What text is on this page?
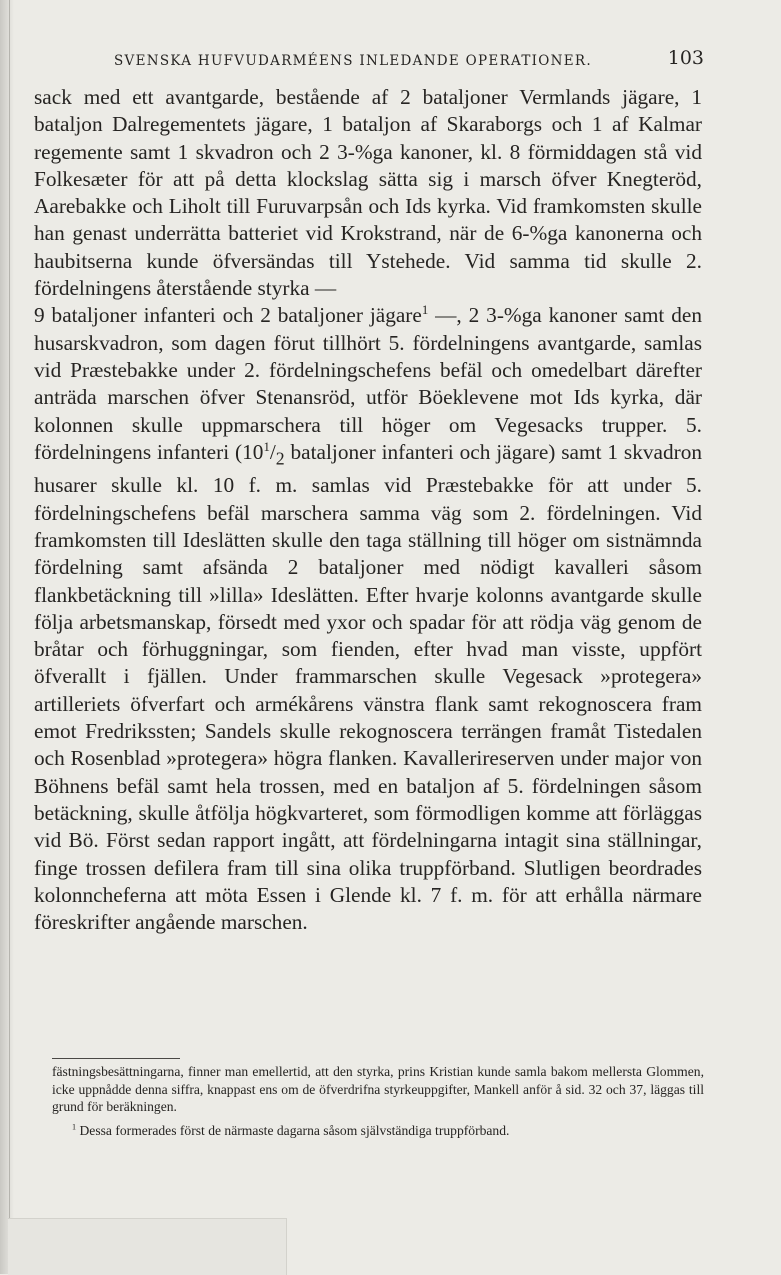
SVENSKA HUFVUDARMÉENS INLEDANDE OPERATIONER.	103

sack med ett avantgarde, bestående af 2 bataljoner Vermlands jägare, 1 bataljon Dalregementets jägare, 1 bataljon af Skaraborgs och 1 af Kalmar regemente samt 1 skvadron och 2 3-%ga kanoner, kl. 8 förmiddagen stå vid Folkesæter för att på detta klockslag sätta sig i marsch öfver Knegteröd, Aarebakke och Liholt till Furuvarpsån och Ids kyrka. Vid framkomsten skulle han genast underrätta batteriet vid Krokstrand, när de 6-%ga kanonerna och haubitserna kunde öfversändas till Ystehede. Vid samma tid skulle 2. fördelningens återstående styrka —

9 bataljoner infanteri och 2 bataljoner jägare$^1$ —, 2 3-%ga kanoner samt den husarskvadron, som dagen förut tillhört 5. fördelningens avantgarde, samlas vid Præstebakke under 2. fördelningschefens befäl och omedelbart därefter anträda marschen öfver Stenansröd, utför Böeklevene mot Ids kyrka, där kolonnen skulle uppmarschera till höger om Vegesacks trupper. 5. fördelningens infanteri ($10^1/_2$ bataljoner infanteri och jägare) samt 1 skvadron husarer skulle kl. 10 f. m. samlas vid Præstebakke för att under 5. fördelningschefens befäl marschera samma väg som 2. fördelningen. Vid framkomsten till Ideslätten skulle den taga ställning till höger om sistnämnda fördelning samt afsända 2 bataljoner med nödigt kavalleri såsom flankbetäckning till »lilla» Ideslätten. Efter hvarje kolonns avantgarde skulle följa arbetsmanskap, försedt med yxor och spadar för att rödja väg genom de bråtar och förhuggningar, som fienden, efter hvad man visste, uppfört öfverallt i fjällen. Under frammarschen skulle Vegesack »protegera» artilleriets öfverfart och armékårens vänstra flank samt rekognoscera fram emot Fredrikssten; Sandels skulle rekognoscera terrängen framåt Tistedalen och Rosenblad »protegera» högra flanken. Kavallerireserven under major von Böhnens befäl samt hela trossen, med en bataljon af 5. fördelningen såsom betäckning, skulle åtfölja högkvarteret, som förmodligen komme att förläggas vid Bö. Först sedan rapport ingått, att fördelningarna intagit sina ställningar, finge trossen defilera fram till sina olika truppförband. Slutligen beordrades kolonncheferna att möta Essen i Glende kl. 7 f. m. för att erhålla närmare föreskrifter angående marschen.

fästningsbesättningarna, finner man emellertid, att den styrka, prins Kristian kunde samla bakom mellersta Glommen, icke uppnådde denna siffra, knappast ens om de öfverdrifna styrkeuppgifter, Mankell anför å sid. 32 och 37, läggas till grund för beräkningen.

$^1$ Dessa formerades först de närmaste dagarna såsom självständiga truppförband.
